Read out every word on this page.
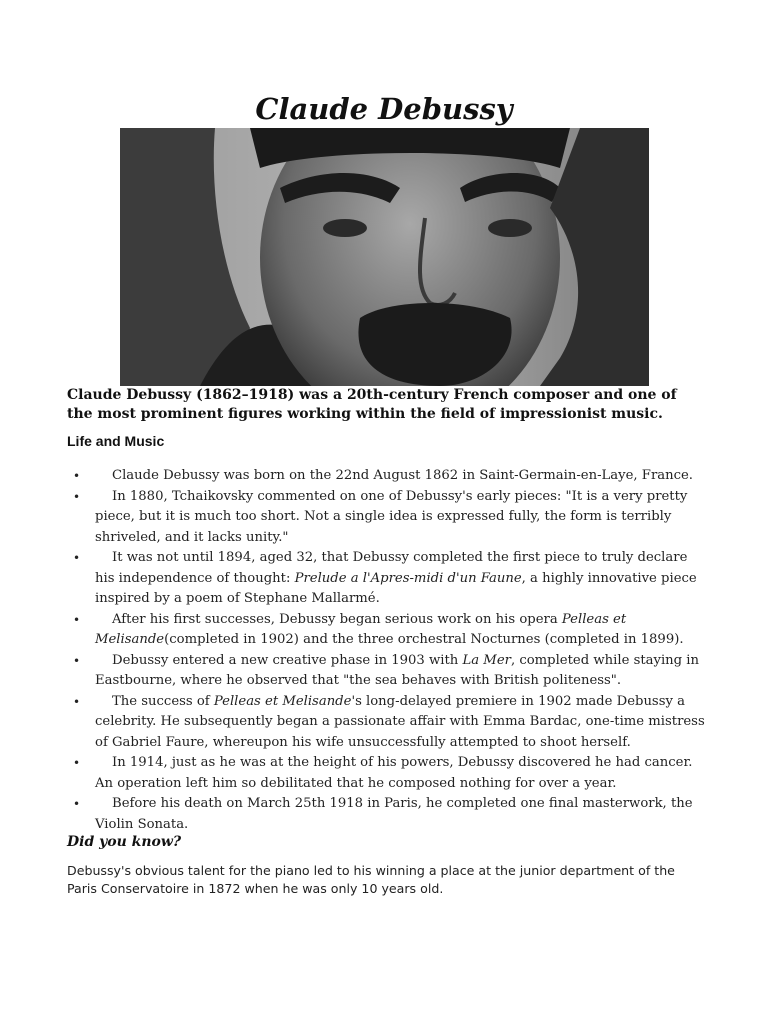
Claude Debussy
Claude Debussy (1862–1918) was a 20th-century French composer and one of the most prominent figures working within the field of impressionist music.
Life and Music
•	Claude Debussy was born on the 22nd August 1862 in Saint-Germain-en-Laye, France.
•	In 1880, Tchaikovsky commented on one of Debussy's early pieces: "It is a very pretty piece, but it is much too short. Not a single idea is expressed fully, the form is terribly shriveled, and it lacks unity."
•	It was not until 1894, aged 32, that Debussy completed the first piece to truly declare his independence of thought: Prelude a l'Apres-midi d'un Faune, a highly innovative piece inspired by a poem of Stephane Mallarmé.
•	After his first successes, Debussy began serious work on his opera Pelleas et Melisande(completed in 1902) and the three orchestral Nocturnes (completed in 1899).
•	Debussy entered a new creative phase in 1903 with La Mer, completed while staying in Eastbourne, where he observed that "the sea behaves with British politeness".
•	The success of Pelleas et Melisande's long-delayed premiere in 1902 made Debussy a celebrity. He subsequently began a passionate affair with Emma Bardac, one-time mistress of Gabriel Faure, whereupon his wife unsuccessfully attempted to shoot herself.
•	In 1914, just as he was at the height of his powers, Debussy discovered he had cancer. An operation left him so debilitated that he composed nothing for over a year.
•	Before his death on March 25th 1918 in Paris, he completed one final masterwork, the Violin Sonata.
Did you know?
Debussy's obvious talent for the piano led to his winning a place at the junior department of the Paris Conservatoire in 1872 when he was only 10 years old.
